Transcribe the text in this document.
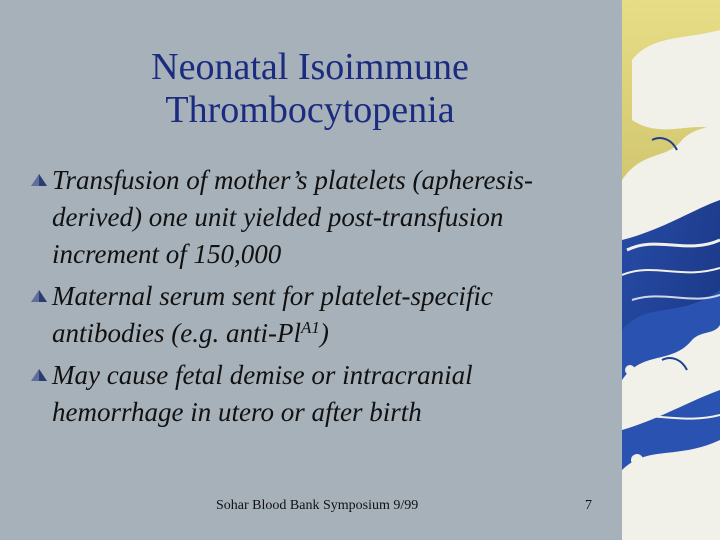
Neonatal Isoimmune
Thrombocytopenia
Transfusion of mother’s platelets (apheresis-derived) one unit yielded post-transfusion increment of 150,000
Maternal serum sent for platelet-specific antibodies (e.g. anti-$Pl^{A1}$)
May cause fetal demise or intracranial hemorrhage in utero or after birth
Sohar Blood Bank Symposium 9/99	7
